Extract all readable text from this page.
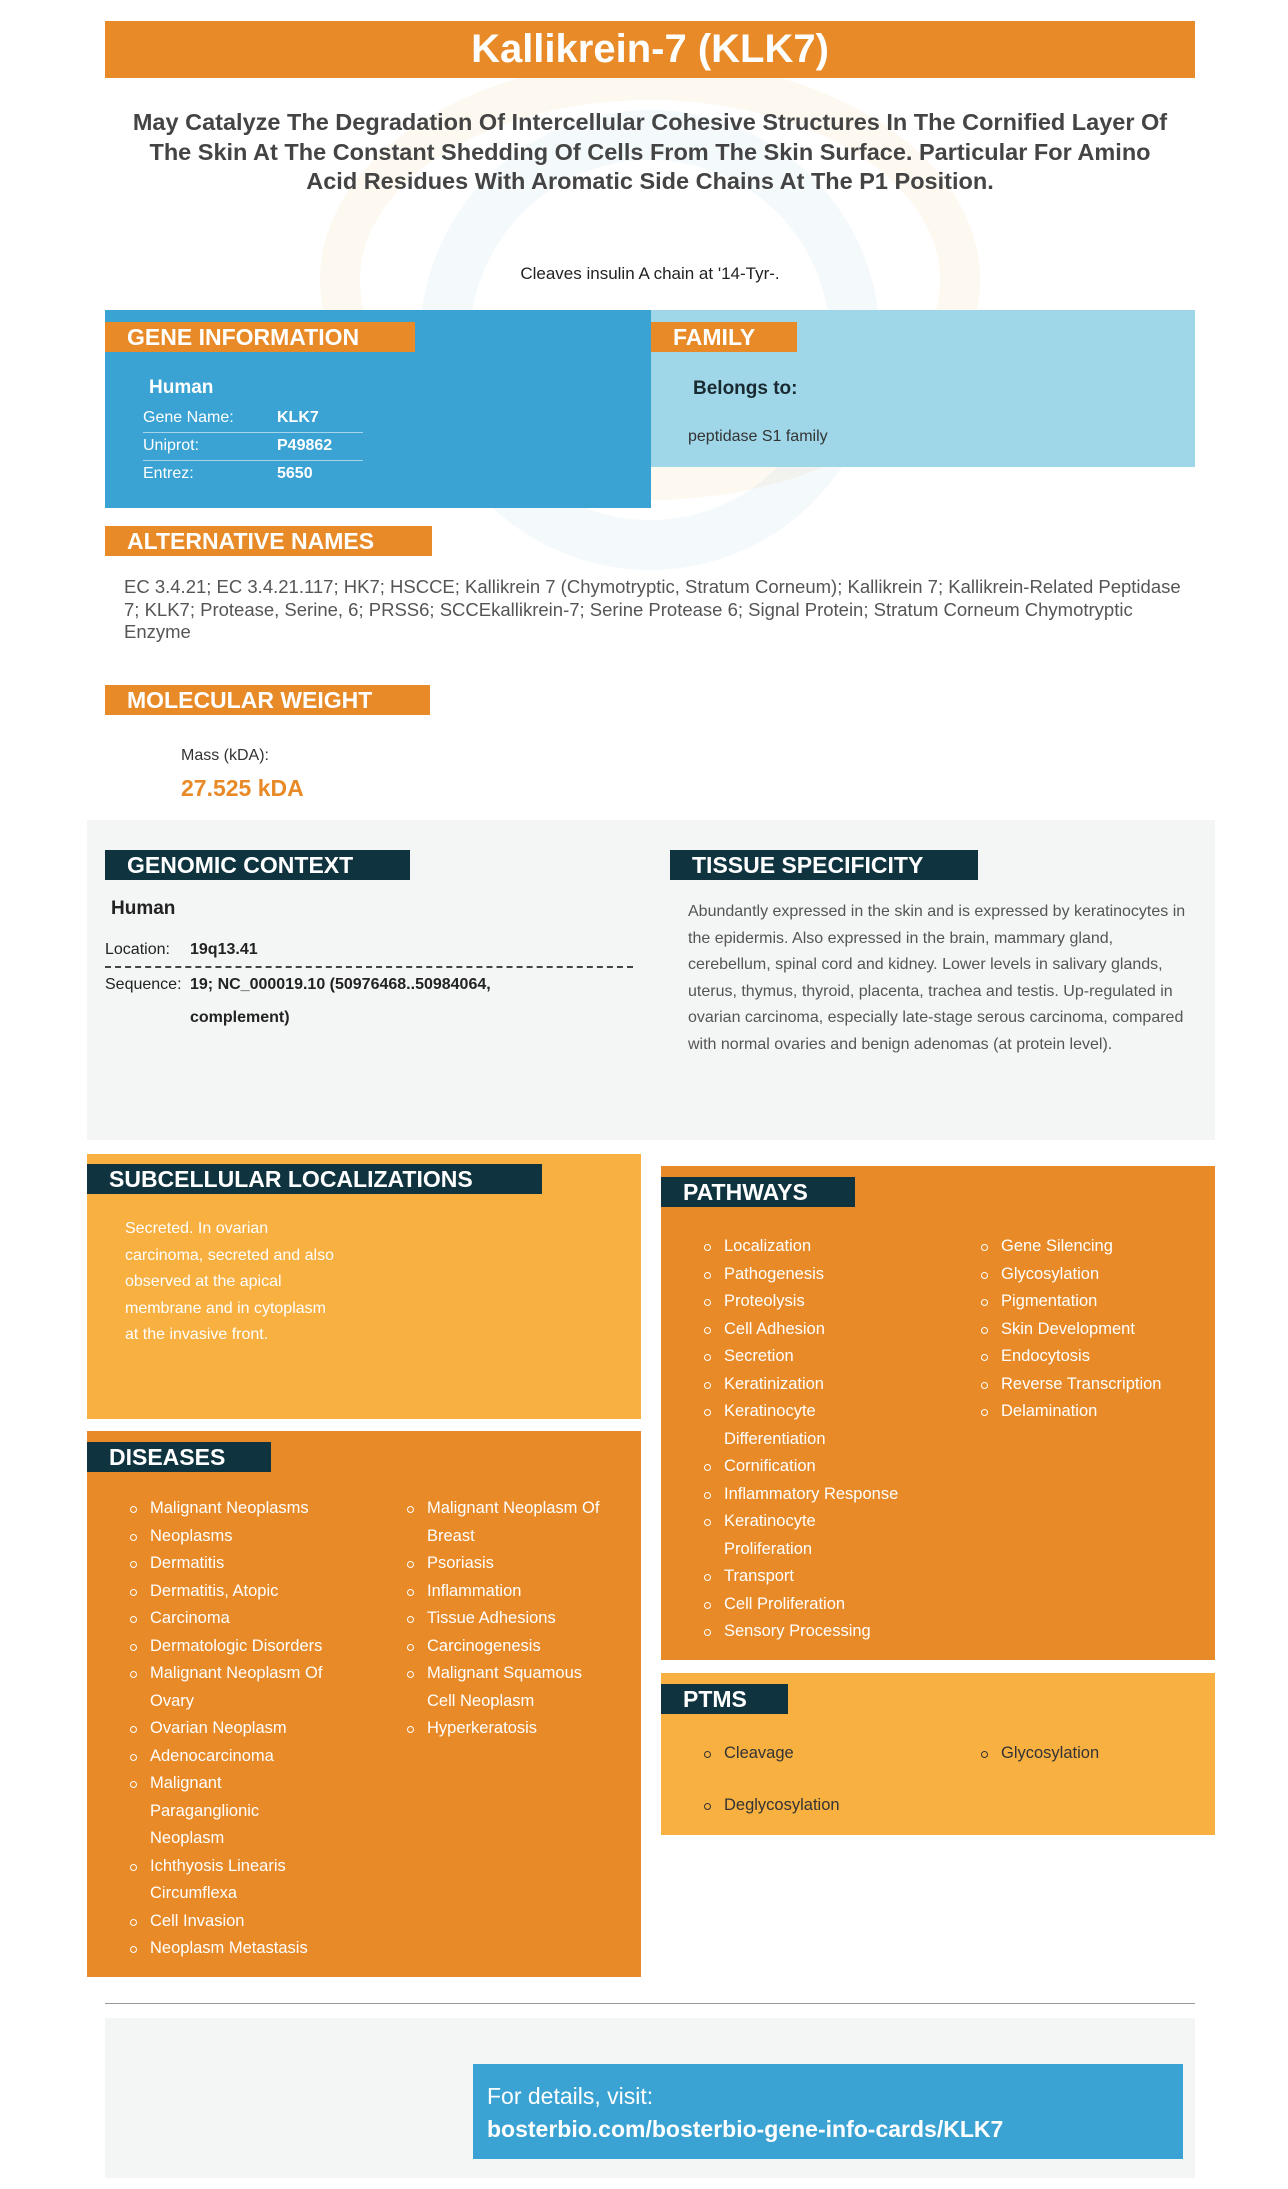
Kallikrein-7 (KLK7)
May Catalyze The Degradation Of Intercellular Cohesive Structures In The Cornified Layer Of The Skin At The Constant Shedding Of Cells From The Skin Surface. Particular For Amino Acid Residues With Aromatic Side Chains At The P1 Position.
Cleaves insulin A chain at '14-Tyr-.
GENE INFORMATION
Human
Gene Name:	KLK7
Uniprot:	P49862
Entrez:	5650
FAMILY
Belongs to:
peptidase S1 family
ALTERNATIVE NAMES
EC 3.4.21; EC 3.4.21.117; HK7; HSCCE; Kallikrein 7 (Chymotryptic, Stratum Corneum); Kallikrein 7; Kallikrein-Related Peptidase 7; KLK7; Protease, Serine, 6; PRSS6; SCCEkallikrein-7; Serine Protease 6; Signal Protein; Stratum Corneum Chymotryptic Enzyme
MOLECULAR WEIGHT
Mass (kDA):
27.525 kDA
GENOMIC CONTEXT
Human
Location: 19q13.41
Sequence: 19; NC_000019.10 (50976468..50984064, complement)
TISSUE SPECIFICITY
Abundantly expressed in the skin and is expressed by keratinocytes in the epidermis. Also expressed in the brain, mammary gland, cerebellum, spinal cord and kidney. Lower levels in salivary glands, uterus, thymus, thyroid, placenta, trachea and testis. Up-regulated in ovarian carcinoma, especially late-stage serous carcinoma, compared with normal ovaries and benign adenomas (at protein level).
SUBCELLULAR LOCALIZATIONS
Secreted. In ovarian carcinoma, secreted and also observed at the apical membrane and in cytoplasm at the invasive front.
DISEASES
Malignant Neoplasms
Neoplasms
Dermatitis
Dermatitis, Atopic
Carcinoma
Dermatologic Disorders
Malignant Neoplasm Of Ovary
Ovarian Neoplasm
Adenocarcinoma
Malignant Paraganglionic Neoplasm
Ichthyosis Linearis Circumflexa
Cell Invasion
Neoplasm Metastasis
Malignant Neoplasm Of Breast
Psoriasis
Inflammation
Tissue Adhesions
Carcinogenesis
Malignant Squamous Cell Neoplasm
Hyperkeratosis
PATHWAYS
Localization
Pathogenesis
Proteolysis
Cell Adhesion
Secretion
Keratinization
Keratinocyte Differentiation
Cornification
Inflammatory Response
Keratinocyte Proliferation
Transport
Cell Proliferation
Sensory Processing
Gene Silencing
Glycosylation
Pigmentation
Skin Development
Endocytosis
Reverse Transcription
Delamination
PTMS
Cleavage	Glycosylation
Deglycosylation
For details, visit:
bosterbio.com/bosterbio-gene-info-cards/KLK7
